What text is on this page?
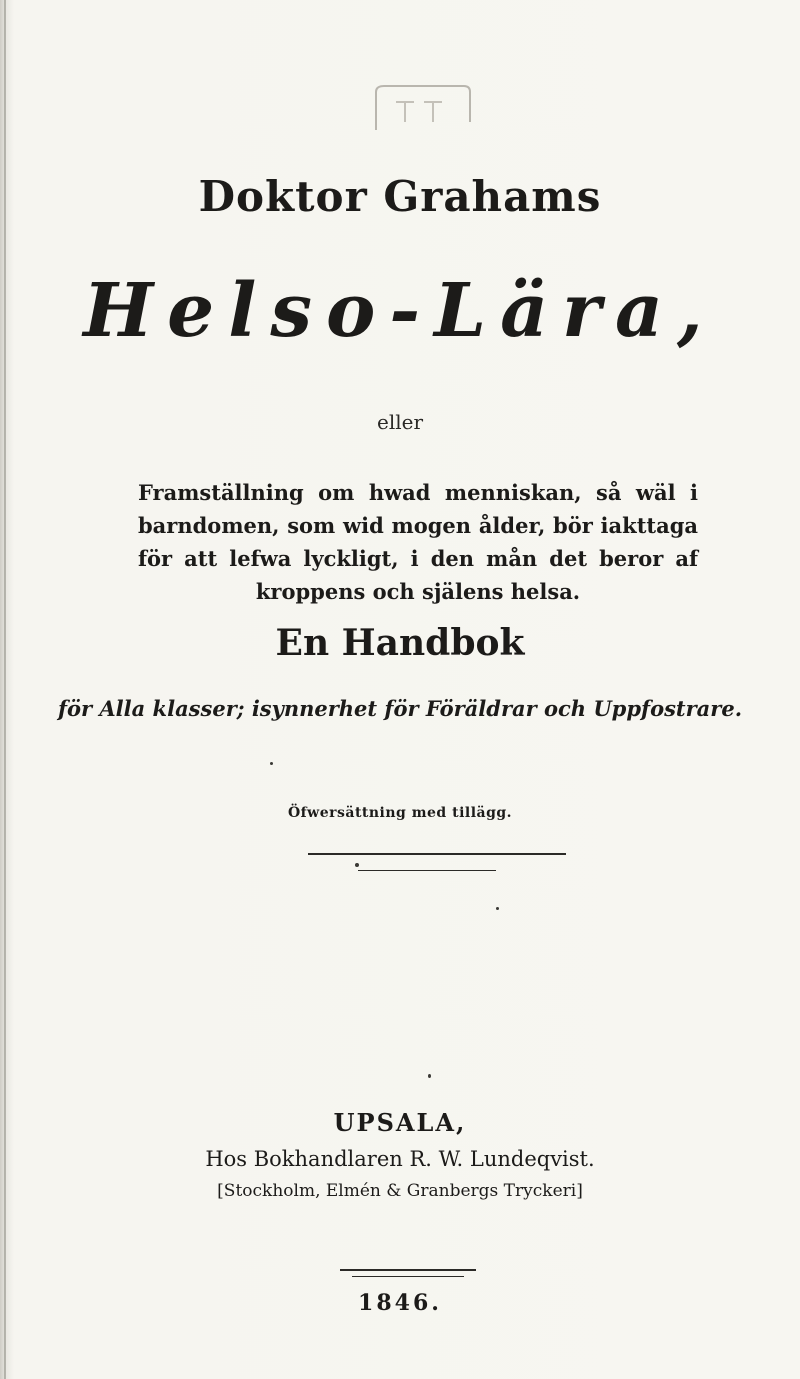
Doktor Grahams
Helso-Lära,
eller
Framställning om hwad menniskan, så wäl i barndomen, som wid mogen ålder, bör iakttaga för att lefwa lyckligt, i den mån det beror af kroppens och själens helsa.
En Handbok
för Alla klasser; isynnerhet för Föräldrar och Uppfostrare.
Öfwersättning med tillägg.
UPSALA,
Hos Bokhandlaren R. W. Lundeqvist.
[Stockholm, Elmén & Granbergs Tryckeri]
1846.
